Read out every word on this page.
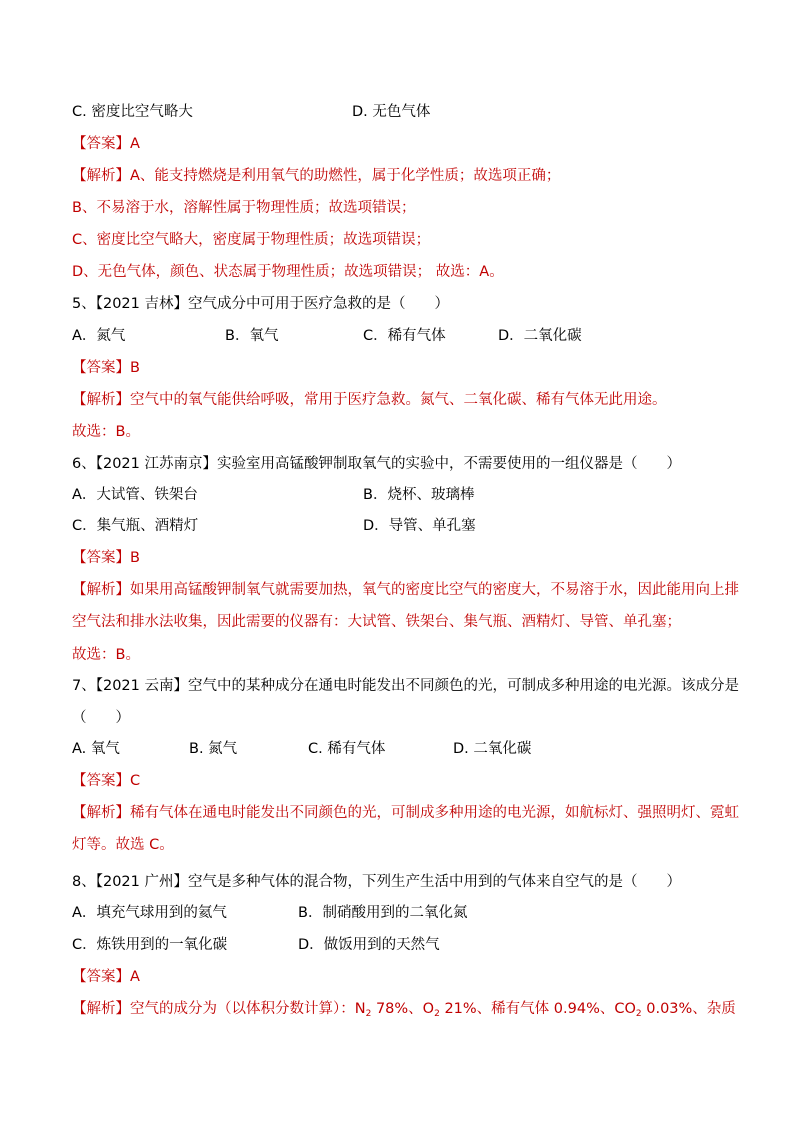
C. 密度比空气略大	D. 无色气体
【答案】A
【解析】A、能支持燃烧是利用氧气的助燃性，属于化学性质；故选项正确；
B、不易溶于水，溶解性属于物理性质；故选项错误；
C、密度比空气略大，密度属于物理性质；故选项错误；
D、无色气体，颜色、状态属于物理性质；故选项错误； 故选：A。
5、【2021 吉林】空气成分中可用于医疗急救的是（　　）
A．氮气	B．氧气	C．稀有气体	D．二氧化碳
【答案】B
【解析】空气中的氧气能供给呼吸，常用于医疗急救。氮气、二氧化碳、稀有气体无此用途。
故选：B。
6、【2021 江苏南京】实验室用高锰酸钾制取氧气的实验中，不需要使用的一组仪器是（　　）
A．大试管、铁架台	B．烧杯、玻璃棒
C．集气瓶、酒精灯	D．导管、单孔塞
【答案】B
【解析】如果用高锰酸钾制氧气就需要加热，氧气的密度比空气的密度大，不易溶于水，因此能用向上排
空气法和排水法收集，因此需要的仪器有：大试管、铁架台、集气瓶、酒精灯、导管、单孔塞；
故选：B。
7、【2021 云南】空气中的某种成分在通电时能发出不同颜色的光，可制成多种用途的电光源。该成分是
（　　）
A. 氧气	B. 氮气	C. 稀有气体	D. 二氧化碳
【答案】C
【解析】稀有气体在通电时能发出不同颜色的光，可制成多种用途的电光源，如航标灯、强照明灯、霓虹
灯等。故选 C。
8、【2021 广州】空气是多种气体的混合物，下列生产生活中用到的气体来自空气的是（　　）
A．填充气球用到的氦气	B．制硝酸用到的二氧化氮
C．炼铁用到的一氧化碳	D．做饭用到的天然气
【答案】A
【解析】空气的成分为（以体积分数计算）：$N_2$ 78%、$O_2$ 21%、稀有气体 0.94%、$CO_2$ 0.03%、杂质
